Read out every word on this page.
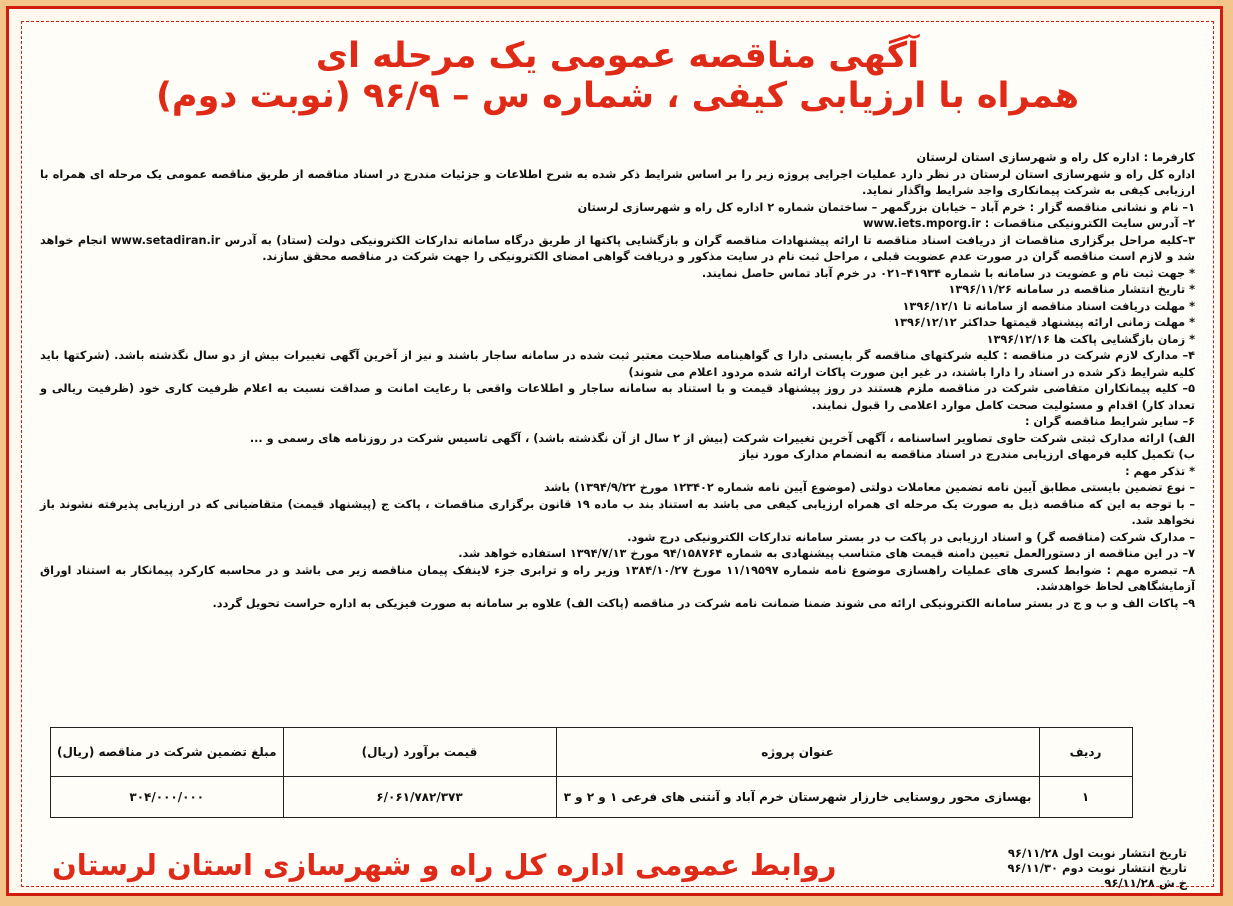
آگهی مناقصه عمومی یک مرحله ای
همراه با ارزیابی کیفی ، شماره س – ۹۶/۹ (نوبت دوم)

کارفرما : اداره کل راه و شهرسازی استان لرستان

اداره کل راه و شهرسازی استان لرستان در نظر دارد عملیات اجرایی پروژه زیر را بر اساس شرایط ذکر شده به شرح اطلاعات و جزئیات مندرج در اسناد مناقصه از طریق مناقصه عمومی یک مرحله ای همراه با ارزیابی کیفی به شرکت پیمانکاری واجد شرایط واگذار نماید.

۱– نام و نشانی مناقصه گزار : خرم آباد – خیابان بزرگمهر – ساختمان شماره ۲ اداره کل راه و شهرسازی لرستان

۲– آدرس سایت الکترونیکی مناقصات : www.iets.mporg.ir

۳–کلیه مراحل برگزاری مناقصات از دریافت اسناد مناقصه تا ارائه پیشنهادات مناقصه گران و بازگشایی پاکتها از طریق درگاه سامانه تدارکات الکترونیکی دولت (ستاد) به آدرس www.setadiran.ir انجام خواهد شد و لازم است مناقصه گران در صورت عدم عضویت قبلی ، مراحل ثبت نام در سایت مذکور و دریافت گواهی امضای الکترونیکی را جهت شرکت در مناقصه محقق سازند.

* جهت ثبت نام و عضویت در سامانه با شماره ۴۱۹۳۴–۰۲۱ در خرم آباد تماس حاصل نمایند.

* تاریخ انتشار مناقصه در سامانه ۱۳۹۶/۱۱/۲۶

* مهلت دریافت اسناد مناقصه از سامانه تا ۱۳۹۶/۱۲/۱

* مهلت زمانی ارائه پیشنهاد قیمتها حداکثر ۱۳۹۶/۱۲/۱۲

* زمان بازگشایی پاکت ها ۱۳۹۶/۱۲/۱۶

۴– مدارک لازم شرکت در مناقصه : کلیه شرکتهای مناقصه گر بایستی دارا ی گواهینامه صلاحیت معتبر ثبت شده در سامانه ساجار باشند و نیز از آخرین آگهی تغییرات بیش از دو سال نگذشته باشد. (شرکتها باید کلیه شرایط ذکر شده در اسناد را دارا باشند، در غیر این صورت پاکات ارائه شده مردود اعلام می شوند)

۵– کلیه پیمانکاران متقاضی شرکت در مناقصه ملزم هستند در روز پیشنهاد قیمت و با استناد به سامانه ساجار و اطلاعات واقعی با رعایت امانت و صداقت نسبت به اعلام ظرفیت کاری خود (ظرفیت ریالی و تعداد کار) اقدام و مسئولیت صحت کامل موارد اعلامی را قبول نمایند.

۶– سایر شرایط مناقصه گران :

الف) ارائه مدارک ثبتی شرکت حاوی تصاویر اساسنامه ، آگهی آخرین تغییرات شرکت (بیش از ۲ سال از آن نگذشته باشد) ، آگهی تاسیس شرکت در روزنامه های رسمی و ...

ب) تکمیل کلیه فرمهای ارزیابی مندرج در اسناد مناقصه به انضمام مدارک مورد نیاز

* تذکر مهم :

– نوع تضمین بایستی مطابق آیین نامه تضمین معاملات دولتی (موضوع آیین نامه شماره ۱۲۳۴۰۲ مورخ ۱۳۹۴/۹/۲۲) باشد

– با توجه به این که مناقصه ذیل به صورت یک مرحله ای همراه ارزیابی کیفی می باشد به استناد بند ب ماده ۱۹ قانون برگزاری مناقصات ، پاکت ج (پیشنهاد قیمت) متقاضیانی که در ارزیابی پذیرفته نشوند باز نخواهد شد.

– مدارک شرکت (مناقصه گر) و اسناد ارزیابی در پاکت ب در بستر سامانه تدارکات الکترونیکی درج شود.

۷– در این مناقصه از دستورالعمل تعیین دامنه قیمت های متناسب پیشنهادی به شماره ۹۴/۱۵۸۷۶۴ مورخ ۱۳۹۴/۷/۱۳ استفاده خواهد شد.

۸– تبصره مهم : ضوابط کسری های عملیات راهسازی موضوع نامه شماره ۱۱/۱۹۵۹۷ مورخ ۱۳۸۴/۱۰/۲۷ وزیر راه و ترابری جزء لاینفک پیمان مناقصه زیر می باشد و در محاسبه کارکرد پیمانکار به استناد اوراق آزمایشگاهی لحاظ خواهدشد.

۹– پاکات الف و ب و ج در بستر سامانه الکترونیکی ارائه می شوند ضمنا ضمانت نامه شرکت در مناقصه (پاکت الف) علاوه بر سامانه به صورت فیزیکی به اداره حراست تحویل گردد.

ردیف	عنوان پروژه	قیمت برآورد (ریال)	مبلغ تضمین شرکت در مناقصه (ریال)
۱	بهسازی محور روستایی خارزار شهرستان خرم آباد و آنتنی های فرعی ۱ و ۲ و ۳	۶/۰۶۱/۷۸۲/۳۷۳	۳۰۴/۰۰۰/۰۰۰
تاریخ انتشار نوبت اول ۹۶/۱۱/۲۸
تاریخ انتشار نوبت دوم ۹۶/۱۱/۳۰
خ ش ۹۶/۱۱/۲۸
روابط عمومی اداره کل راه و شهرسازی استان لرستان
